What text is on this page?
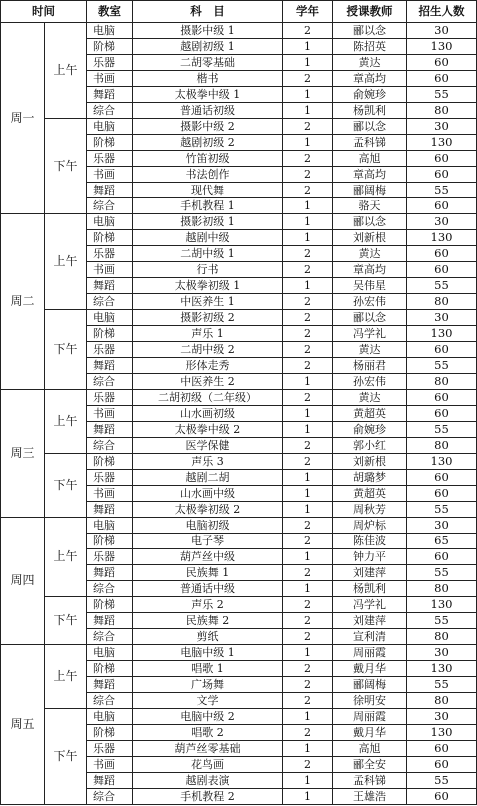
时间		教室	科　目	学年	授课教师	招生人数
周一	上午	电脑	摄影中级 1	2	郦以念	30
		阶梯	越剧初级 1	1	陈招英	130
		乐器	二胡零基础	1	黄达	60
		书画	楷书	2	章高均	60
		舞蹈	太极拳中级 1	1	俞婉珍	55
		综合	普通话初级	1	杨凯利	80
	下午	电脑	摄影中级 2	2	郦以念	30
		阶梯	越剧初级 2	1	孟科锑	130
		乐器	竹笛初级	2	高旭	60
		书画	书法创作	2	章高均	60
		舞蹈	现代舞	2	郦阔梅	55
		综合	手机教程 1	1	骆天	60
周二	上午	电脑	摄影初级 1	1	郦以念	30
		阶梯	越剧中级	1	刘新根	130
		乐器	二胡中级 1	2	黄达	60
		书画	行书	2	章高均	60
		舞蹈	太极拳初级 1	1	吴伟星	55
		综合	中医养生 1	2	孙宏伟	80
	下午	电脑	摄影初级 2	2	郦以念	30
		阶梯	声乐 1	2	冯学礼	130
		乐器	二胡中级 2	2	黄达	60
		舞蹈	形体走秀	2	杨丽君	55
		综合	中医养生 2	1	孙宏伟	80
周三	上午	乐器	二胡初级（二年级）	2	黄达	60
		书画	山水画初级	1	黄超英	60
		舞蹈	太极拳中级 2	1	俞婉珍	55
		综合	医学保健	2	郭小红	80
	下午	阶梯	声乐 3	2	刘新根	130
		乐器	越剧二胡	1	胡璐梦	60
		书画	山水画中级	1	黄超英	60
		舞蹈	太极拳初级 2	1	周秋芳	55
周四	上午	电脑	电脑初级	2	周炉标	30
		阶梯	电子琴	2	陈佳波	65
		乐器	葫芦丝中级	1	钟力平	60
		舞蹈	民族舞 1	2	刘建萍	55
		综合	普通话中级	1	杨凯利	80
	下午	阶梯	声乐 2	2	冯学礼	130
		舞蹈	民族舞 2	2	刘建萍	55
		综合	剪纸	2	宣利清	80
周五	上午	电脑	电脑中级 1	1	周丽霞	30
		阶梯	唱歌 1	2	戴月华	130
		舞蹈	广场舞	2	郦阔梅	55
		综合	文学	2	徐明安	80
	下午	电脑	电脑中级 2	1	周丽霞	30
		阶梯	唱歌 2	2	戴月华	130
		乐器	葫芦丝零基础	1	高旭	60
		书画	花鸟画	2	郦全安	60
		舞蹈	越剧表演	1	孟科锑	55
		综合	手机教程 2	1	王雄浩	60
